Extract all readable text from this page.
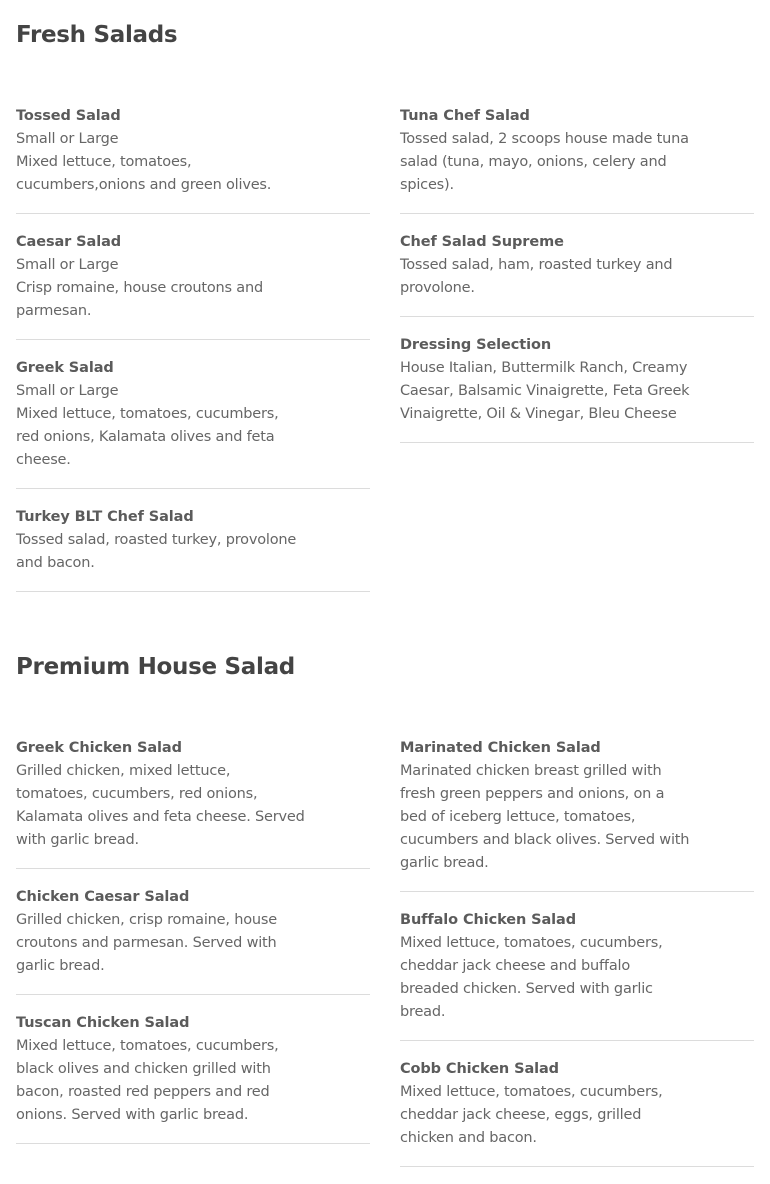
Fresh Salads
Tossed Salad
Small or Large
Mixed lettuce, tomatoes, cucumbers,onions and green olives.
Caesar Salad
Small or Large
Crisp romaine, house croutons and parmesan.
Greek Salad
Small or Large
Mixed lettuce, tomatoes, cucumbers, red onions, Kalamata olives and feta cheese.
Turkey BLT Chef Salad
Tossed salad, roasted turkey, provolone and bacon.
Tuna Chef Salad
Tossed salad, 2 scoops house made tuna salad (tuna, mayo, onions, celery and spices).
Chef Salad Supreme
Tossed salad, ham, roasted turkey and provolone.
Dressing Selection
House Italian, Buttermilk Ranch, Creamy Caesar, Balsamic Vinaigrette, Feta Greek Vinaigrette, Oil & Vinegar, Bleu Cheese
Premium House Salad
Greek Chicken Salad
Grilled chicken, mixed lettuce, tomatoes, cucumbers, red onions, Kalamata olives and feta cheese. Served with garlic bread.
Chicken Caesar Salad
Grilled chicken, crisp romaine, house croutons and parmesan. Served with garlic bread.
Tuscan Chicken Salad
Mixed lettuce, tomatoes, cucumbers, black olives and chicken grilled with bacon, roasted red peppers and red onions. Served with garlic bread.
Marinated Chicken Salad
Marinated chicken breast grilled with fresh green peppers and onions, on a bed of iceberg lettuce, tomatoes, cucumbers and black olives. Served with garlic bread.
Buffalo Chicken Salad
Mixed lettuce, tomatoes, cucumbers, cheddar jack cheese and buffalo breaded chicken. Served with garlic bread.
Cobb Chicken Salad
Mixed lettuce, tomatoes, cucumbers, cheddar jack cheese, eggs, grilled chicken and bacon.
